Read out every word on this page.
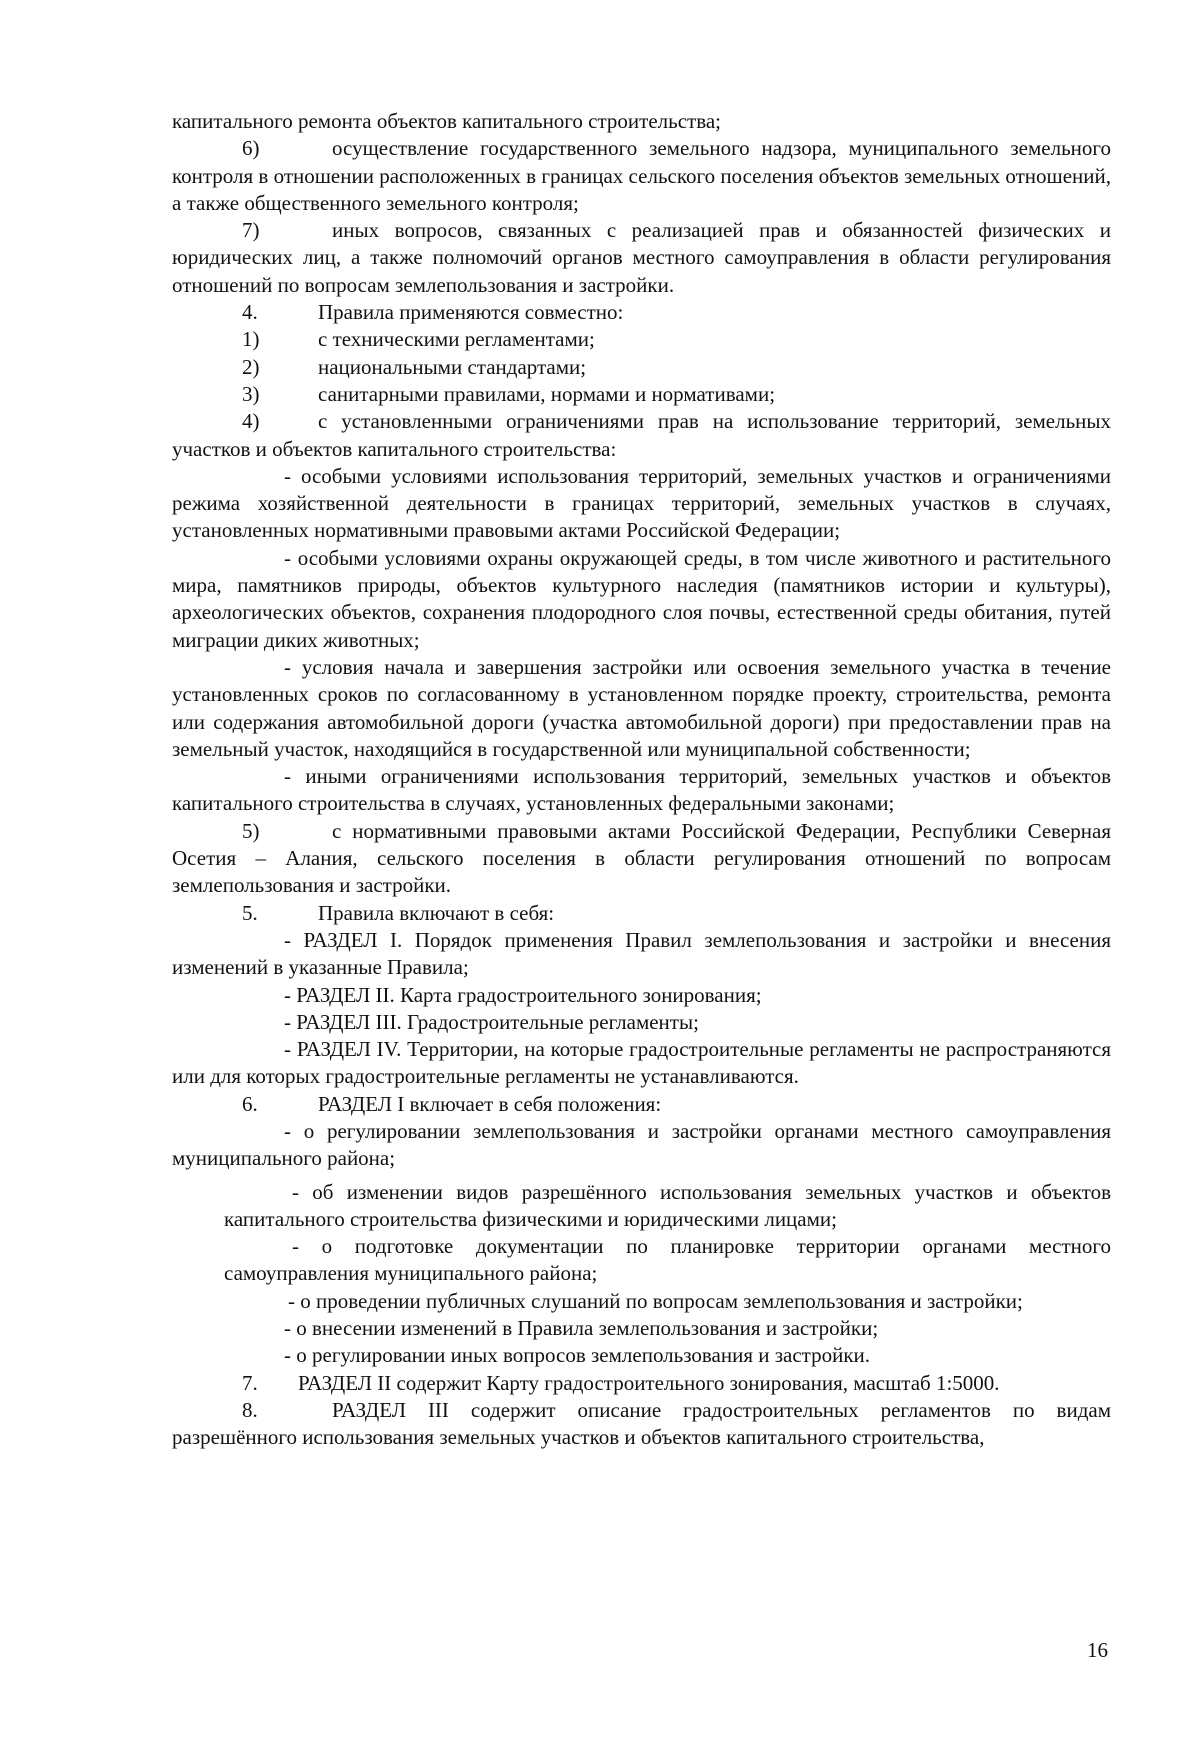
капитального ремонта объектов капитального строительства;

6)	осуществление государственного земельного надзора, муниципального земельного контроля в отношении расположенных в границах сельского поселения объектов земельных отношений, а также общественного земельного контроля;

7)	иных вопросов, связанных с реализацией прав и обязанностей физических и юридических лиц, а также полномочий органов местного самоуправления в области регулирования отношений по вопросам землепользования и застройки.

4.	Правила применяются совместно:

1)	с техническими регламентами;

2)	национальными стандартами;

3)	санитарными правилами, нормами и нормативами;

4)	с установленными ограничениями прав на использование территорий, земельных участков и объектов капитального строительства:

- особыми условиями использования территорий, земельных участков и ограничениями режима хозяйственной деятельности в границах территорий, земельных участков в случаях, установленных нормативными правовыми актами Российской Федерации;

- особыми условиями охраны окружающей среды, в том числе животного и растительного мира, памятников природы, объектов культурного наследия (памятников истории и культуры), археологических объектов, сохранения плодородного слоя почвы, естественной среды обитания, путей миграции диких животных;

- условия начала и завершения застройки или освоения земельного участка в течение установленных сроков по согласованному в установленном порядке проекту, строительства, ремонта или содержания автомобильной дороги (участка автомобильной дороги) при предоставлении прав на земельный участок, находящийся в государственной или муниципальной собственности;

- иными ограничениями использования территорий, земельных участков и объектов капитального строительства в случаях, установленных федеральными законами;

5)	с нормативными правовыми актами Российской Федерации, Республики Северная Осетия – Алания, сельского поселения в области регулирования отношений по вопросам землепользования и застройки.

5.	Правила включают в себя:

- РАЗДЕЛ I. Порядок применения Правил землепользования и застройки и внесения изменений в указанные Правила;

- РАЗДЕЛ II. Карта градостроительного зонирования;

- РАЗДЕЛ III. Градостроительные регламенты;

- РАЗДЕЛ IV. Территории, на которые градостроительные регламенты не распространяются или для которых градостроительные регламенты не устанавливаются.

6.	РАЗДЕЛ I включает в себя положения:

- о регулировании землепользования и застройки органами местного самоуправления муниципального района;

- об изменении видов разрешённого использования земельных участков и объектов капитального строительства физическими и юридическими лицами;

- о подготовке документации по планировке территории органами местного самоуправления муниципального района;

- о проведении публичных слушаний по вопросам землепользования и застройки;

- о внесении изменений в Правила землепользования и застройки;

- о регулировании иных вопросов землепользования и застройки.

7. РАЗДЕЛ II содержит Карту градостроительного зонирования, масштаб 1:5000.

8.	РАЗДЕЛ III содержит описание градостроительных регламентов по видам разрешённого использования земельных участков и объектов капитального строительства,

16
